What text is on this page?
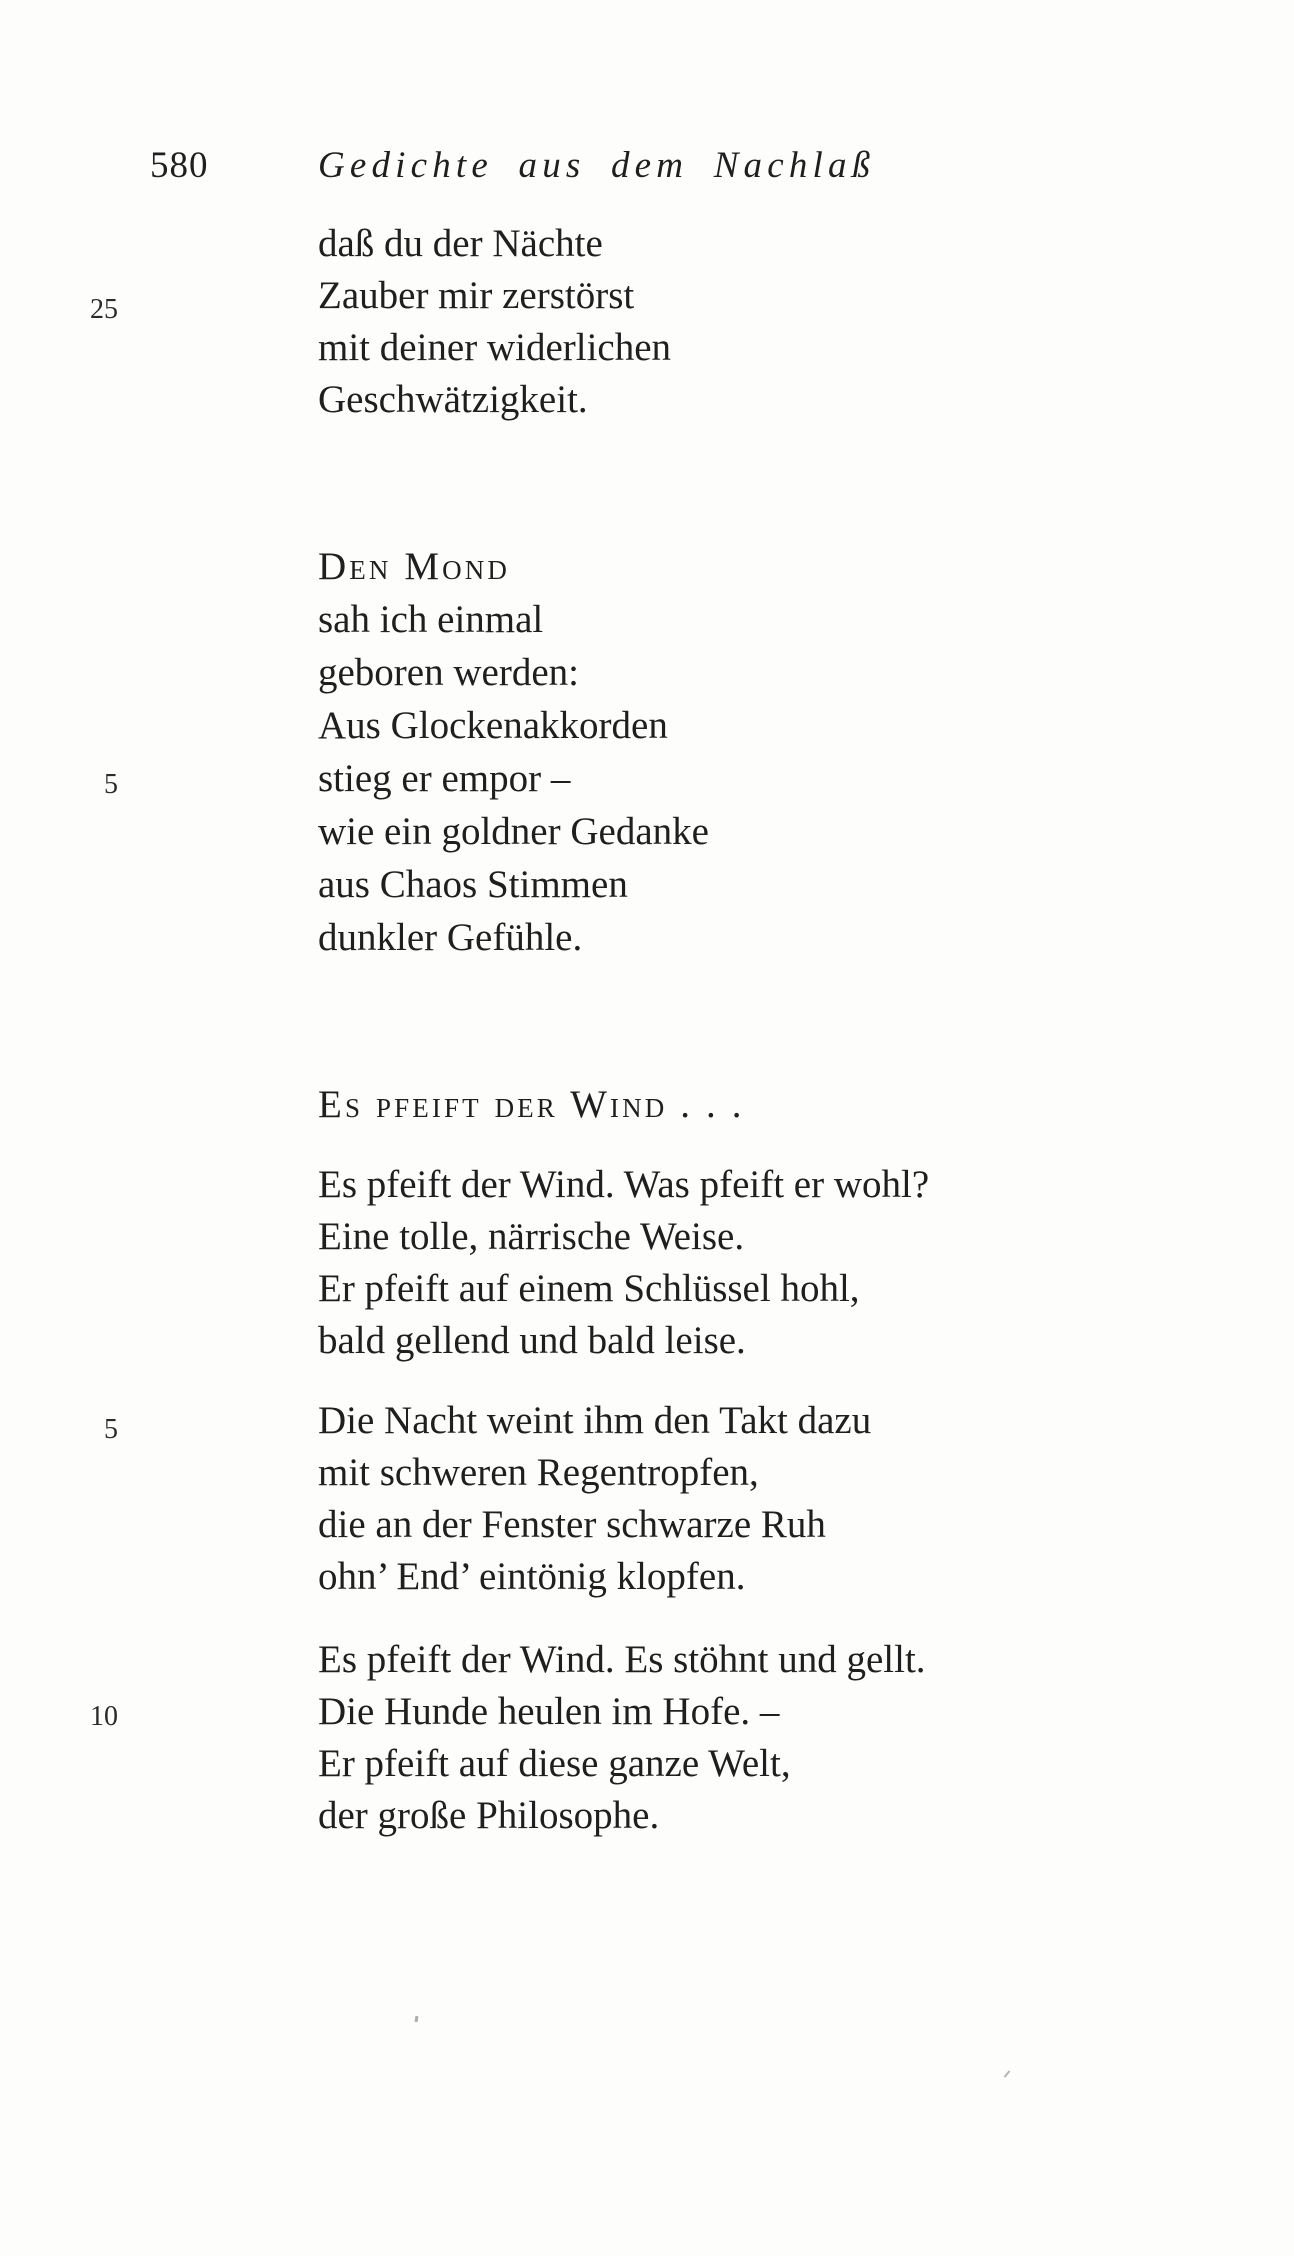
580	Gedichte aus dem Nachlaß
25
daß du der Nächte
Zauber mir zerstörst
mit deiner widerlichen
Geschwätzigkeit.
Den Mond
5
sah ich einmal
geboren werden:
Aus Glockenakkorden
stieg er empor –
wie ein goldner Gedanke
aus Chaos Stimmen
dunkler Gefühle.
Es pfeift der Wind . . .
Es pfeift der Wind. Was pfeift er wohl?
Eine tolle, närrische Weise.
Er pfeift auf einem Schlüssel hohl,
bald gellend und bald leise.
5	Die Nacht weint ihm den Takt dazu
mit schweren Regentropfen,
die an der Fenster schwarze Ruh
ohn’ End’ eintönig klopfen.
10
Es pfeift der Wind. Es stöhnt und gellt.
Die Hunde heulen im Hofe. –
Er pfeift auf diese ganze Welt,
der große Philosophe.
